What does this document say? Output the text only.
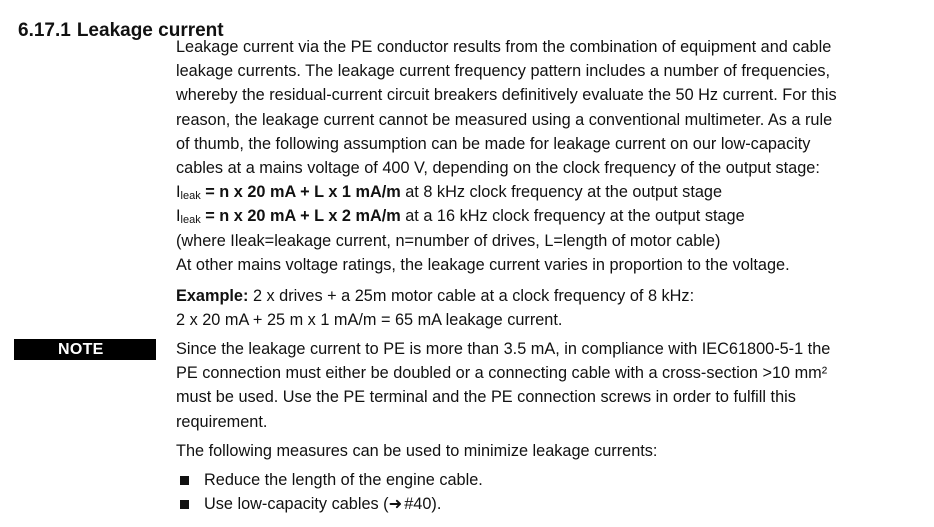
6.17.1 Leakage current
Leakage current via the PE conductor results from the combination of equipment and cable
leakage currents. The leakage current frequency pattern includes a number of frequencies,
whereby the residual-current circuit breakers definitively evaluate the 50 Hz current. For this
reason, the leakage current cannot be measured using a conventional multimeter. As a rule
of thumb, the following assumption can be made for leakage current on our low-capacity
cables at a mains voltage of 400 V, depending on the clock frequency of the output stage:
$I_{leak} = n$ x 20 mA + L x 1 mA/m at 8 kHz clock frequency at the output stage
$I_{leak} = n$ x 20 mA + L x 2 mA/m at a 16 kHz clock frequency at the output stage
(where Ileak=leakage current, n=number of drives, L=length of motor cable)
At other mains voltage ratings, the leakage current varies in proportion to the voltage.
Example: 2 x drives + a 25m motor cable at a clock frequency of 8 kHz:
2 x 20 mA + 25 m x 1 mA/m = 65 mA leakage current.
NOTE	Since the leakage current to PE is more than 3.5 mA, in compliance with IEC61800-5-1 the
PE connection must either be doubled or a connecting cable with a cross-section >10 mm²
must be used. Use the PE terminal and the PE connection screws in order to fulfill this
requirement.
The following measures can be used to minimize leakage currents:
Reduce the length of the engine cable.
Use low-capacity cables (➜ #40).
